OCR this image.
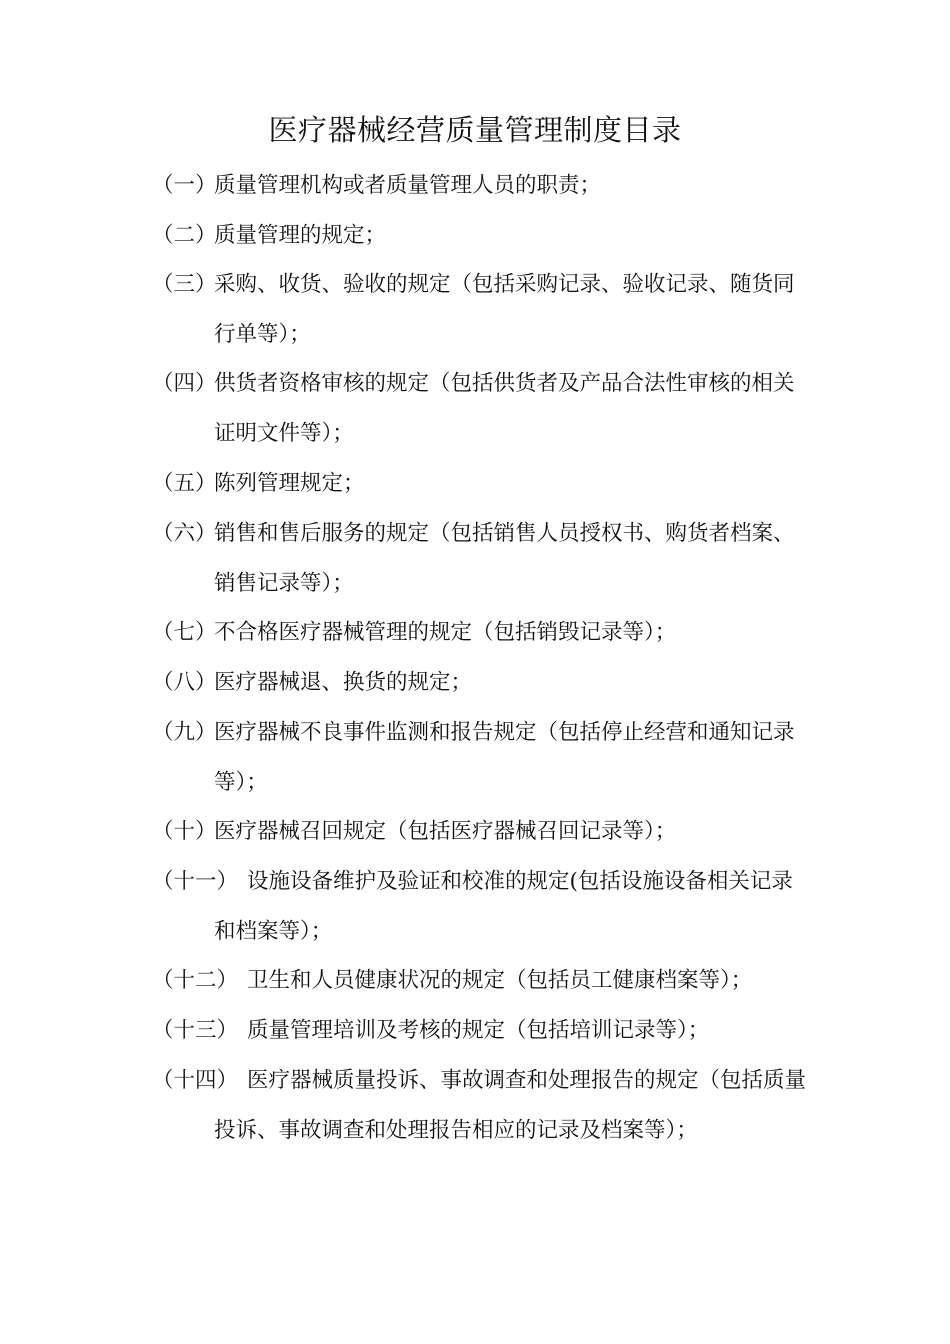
医疗器械经营质量管理制度目录
（一）质量管理机构或者质量管理人员的职责；
（二）质量管理的规定；
（三）采购、收货、验收的规定（包括采购记录、验收记录、随货同
行单等）；
（四）供货者资格审核的规定（包括供货者及产品合法性审核的相关
证明文件等）；
（五）陈列管理规定；
（六）销售和售后服务的规定（包括销售人员授权书、购货者档案、
销售记录等）；
（七）不合格医疗器械管理的规定（包括销毁记录等）；
（八）医疗器械退、换货的规定；
（九）医疗器械不良事件监测和报告规定（包括停止经营和通知记录
等）；
（十）医疗器械召回规定（包括医疗器械召回记录等）；
（十一） 设施设备维护及验证和校准的规定(包括设施设备相关记录
和档案等）；
（十二） 卫生和人员健康状况的规定（包括员工健康档案等）；
（十三） 质量管理培训及考核的规定（包括培训记录等）；
（十四） 医疗器械质量投诉、事故调查和处理报告的规定（包括质量
投诉、事故调查和处理报告相应的记录及档案等）；
